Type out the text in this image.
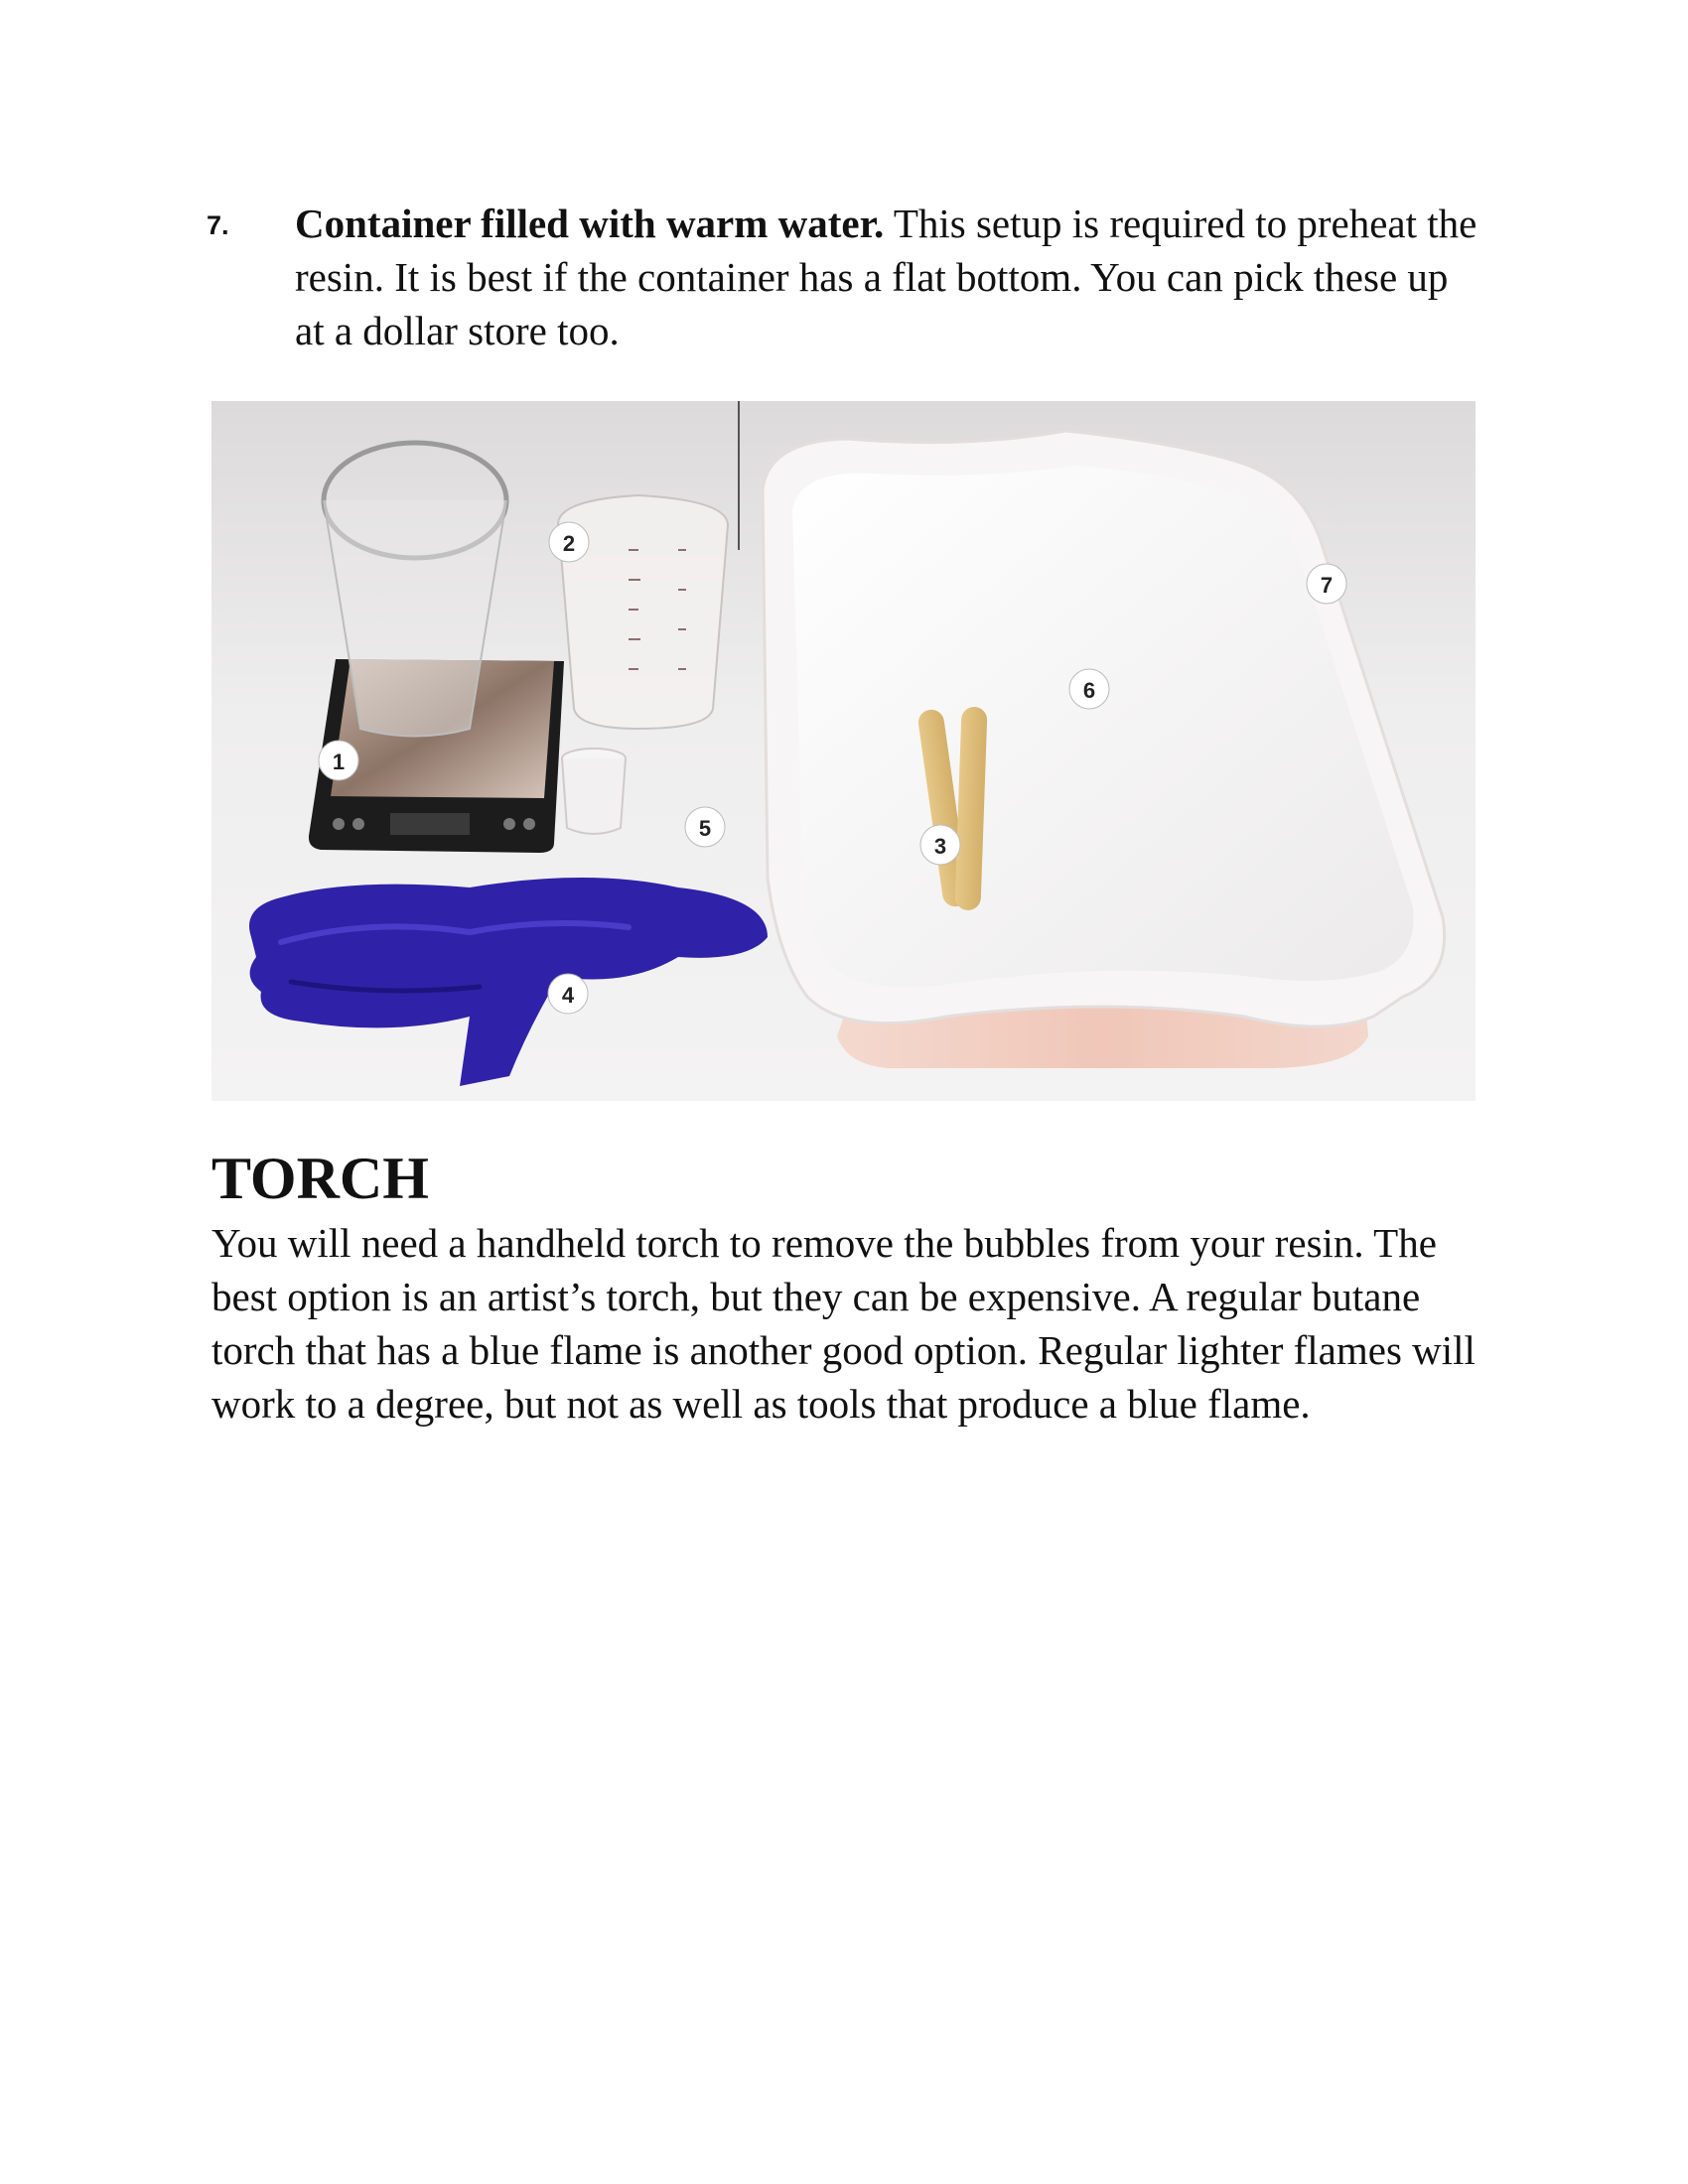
7. Container filled with warm water. This setup is required to preheat the resin. It is best if the container has a flat bottom. You can pick these up at a dollar store too.
1
2
3
4
5
6
7
TORCH

You will need a handheld torch to remove the bubbles from your resin. The best option is an artist’s torch, but they can be expensive. A regular butane torch that has a blue flame is another good option. Regular lighter flames will work to a degree, but not as well as tools that produce a blue flame.
